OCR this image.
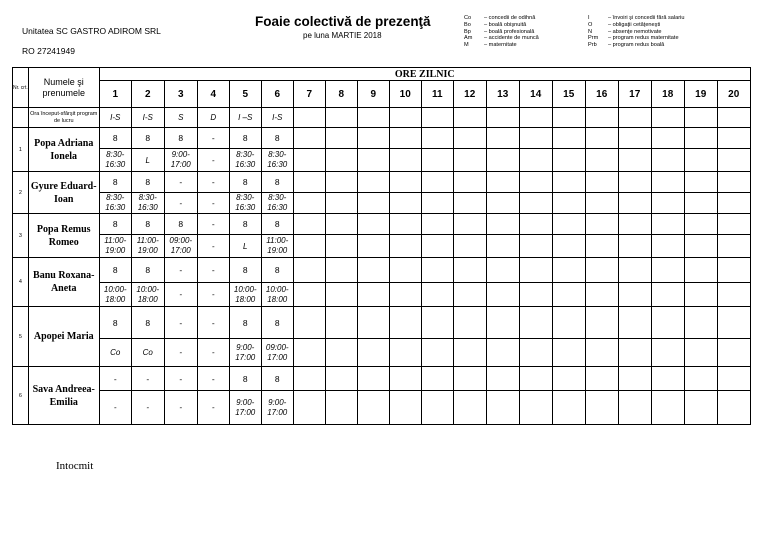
Unitatea SC GASTRO ADIROM SRL
RO 27241949
Foaie colectivă de prezenţă
pe luna MARTIE 2018
Co – concedii de odihnă
Bo – boală obişnuită
Bp – boală profesională
Am – accidente de muncă
M	– maternitate
I	– învoiri şi concedii fără salariu
O	– obligaţii cetăţeneşti
N	– absenţe nemotivate
Prm – program redus maternitate
Prb – program redus boală
Nr. crt.	Numele şi prenumele	ORE ZILNIC																			
		1	2	3	4	5	6	7	8	9	10	11	12	13	14	15	16	17	18	19	20
	Ora început-sfârşit program de lucru	I-S	I-S	S	D	I –S	I-S														
1	Popa Adriana Ionela	8	8	8	-	8	8														
		8:30- 16:30	L	9:00- 17:00	-	8:30- 16:30	8:30- 16:30														
2	Gyure Eduard- Ioan	8	8	-	-	8	8														
		8:30- 16:30	8:30- 16:30	-	-	8:30- 16:30	8:30- 16:30														
3	Popa Remus Romeo	8	8	8	-	8	8														
		11:00- 19:00	11:00- 19:00	09:00- 17:00	-	L	11:00- 19:00														
4	Banu Roxana- Aneta	8	8	-	-	8	8														
		10:00- 18:00	10:00- 18:00	-	-	10:00- 18:00	10:00- 18:00														
5	Apopei Maria	8	8	-	-	8	8														
		Co	Co	-	-	9:00- 17:00	09:00- 17:00														
6	Sava Andreea- Emilia	-	-	-	-	8	8														
		-	-	-	-	9:00- 17:00	9:00- 17:00														
Intocmit
